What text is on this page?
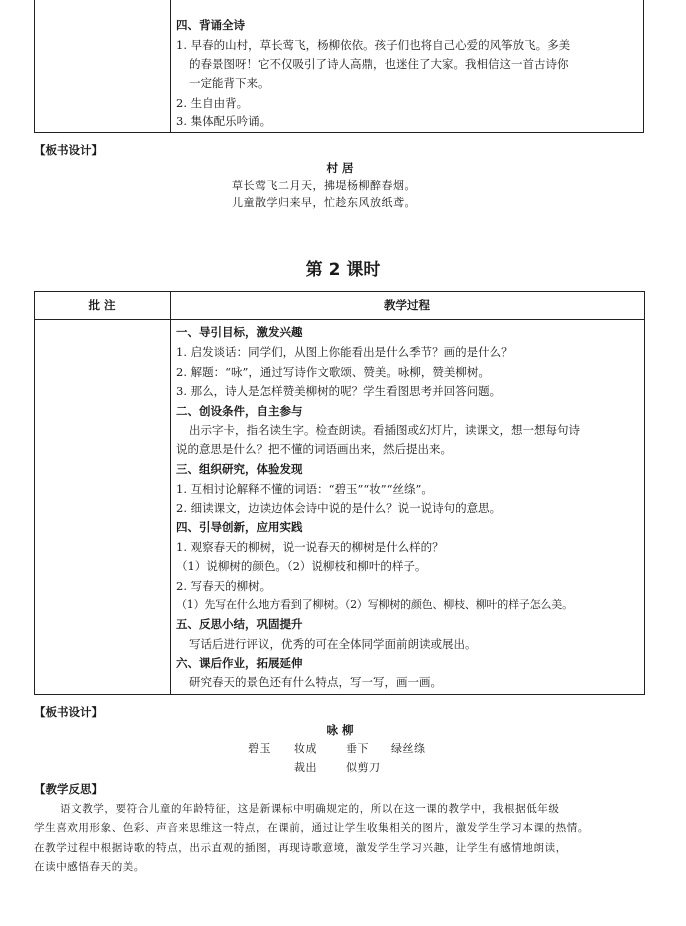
四、背诵全诗
1. 早春的山村，草长莺飞，杨柳依依。孩子们也将自己心爱的风筝放飞。多美
的春景图呀！它不仅吸引了诗人高鼎，也迷住了大家。我相信这一首古诗你
一定能背下来。
2. 生自由背。
3. 集体配乐吟诵。
【板书设计】
村 居
草长莺飞二月天，拂堤杨柳醉春烟。
儿童散学归来早，忙趁东风放纸鸢。
第 2 课时
批 注	教学过程
一、导引目标，激发兴趣
1. 启发谈话：同学们，从图上你能看出是什么季节？画的是什么？
2. 解题：“咏”，通过写诗作文歌颂、赞美。咏柳，赞美柳树。
3. 那么，诗人是怎样赞美柳树的呢？学生看图思考并回答问题。
二、创设条件，自主参与
出示字卡，指名读生字。检查朗读。看插图或幻灯片，读课文，想一想每句诗
说的意思是什么？把不懂的词语画出来，然后提出来。
三、组织研究，体验发现
1. 互相讨论解释不懂的词语：“碧玉”“妆”“丝绦”。
2. 细读课文，边读边体会诗中说的是什么？说一说诗句的意思。
四、引导创新，应用实践
1. 观察春天的柳树，说一说春天的柳树是什么样的？
（1）说柳树的颜色。（2）说柳枝和柳叶的样子。
2. 写春天的柳树。
（1）先写在什么地方看到了柳树。（2）写柳树的颜色、柳枝、柳叶的样子怎么美。
五、反思小结，巩固提升
写话后进行评议，优秀的可在全体同学面前朗读或展出。
六、课后作业，拓展延伸
研究春天的景色还有什么特点，写一写，画一画。
【板书设计】
咏 柳
碧玉 妆成	垂下 绿丝绦
裁出	似剪刀
【教学反思】
语文教学，要符合儿童的年龄特征，这是新课标中明确规定的，所以在这一课的教学中，我根据低年级
学生喜欢用形象、色彩、声音来思维这一特点，在课前，通过让学生收集相关的图片，激发学生学习本课的热情。
在教学过程中根据诗歌的特点，出示直观的插图，再现诗歌意境，激发学生学习兴趣，让学生有感情地朗读，
在读中感悟春天的美。
